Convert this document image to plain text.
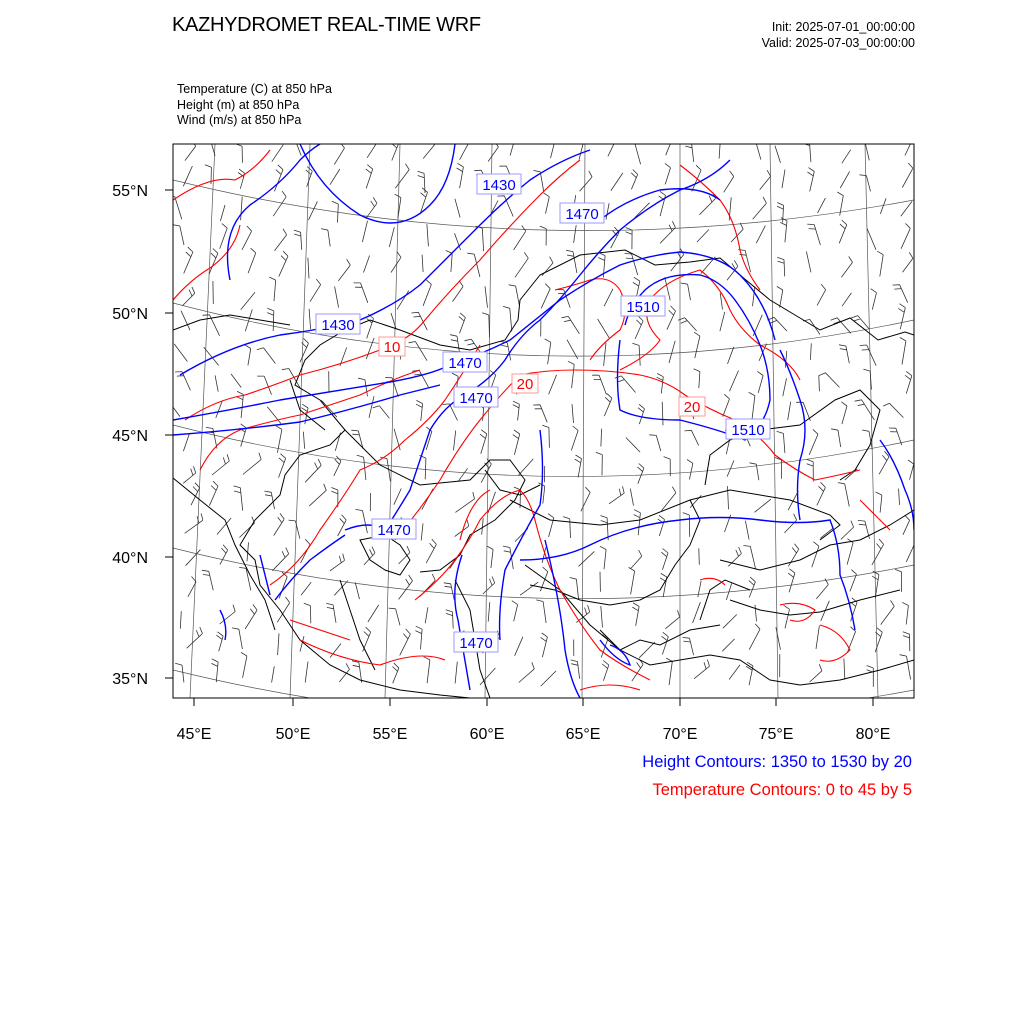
KAZHYDROMET REAL-TIME WRF	Init: 2025-07-01_00:00:00
Valid: 2025-07-03_00:00:00
Temperature (C) at 850 hPa
Height (m) at 850 hPa
Wind (m/s) at 850 hPa
55°N
50°N
45°N
40°N
35°N
45°E	50°E	55°E	60°E	65°E	70°E	75°E	80°E
1430
1470
1430
1510
1470
1470
1510
1470
1470
10
20
20
Height Contours: 1350 to 1530 by 20
Temperature Contours: 0 to 45 by 5
